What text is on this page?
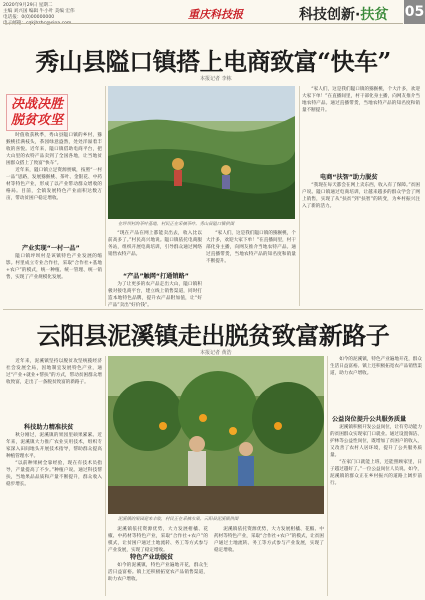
2020年9月29日 星期二
主编 刘兴国 编辑 牛小叶 美编 宏伟
电话报：0(0)00000000	重庆科技报	科技创新·扶贫 05
秀山县隘口镇搭上电商致富“快车”
本报记者 李栋
决战决胜
脱贫攻坚

时值收获秋季，秀山县隘口镇的乡村，猕猴桃挂满枝头，茶园绿意盎然，处处洋溢着丰收的喜悦。近年来，隘口镇借助电商平台，把大山里的农特产品卖到了全国各地，让当地贫困群众搭上了致富“快车”。

近年来，隘口镇立足资源禀赋，按照“一村一品”思路，发展猕猴桃、茶叶、金银花、中药材等特色产业，形成了以产业带动群众增收的格局。目前，全镇发展特色产业面积达数万亩，带动贫困户稳定增收。

产业实现“一村一品”

隘口镇坪坝村是该镇特色产业发展的缩影。村里成立专业合作社，采取“合作社+基地+农户”的模式，统一种植、统一管理、统一销售，实现了产业规模化发展。

在坪坝村的茶叶基地，村民正在采摘茶叶。秀山县隘口镇供图

“现在产品在网上都能卖出去，收入比以前高多了。”村民高兴地说。隘口镇依托电商服务站，组织开展电商培训，引导群众通过网络销售农特产品。

“产品”触网“打通销路”

为了让更多的农产品走出大山，隘口镇积极对接电商平台，建立线上销售渠道，同时打造本地特色品牌，提升农产品附加值，让“好产品”卖出“好价钱”。

“家人们，这是我们隘口镇的猕猴桃，个大汁多，欢迎大家下单！”在直播间里，村干部化身主播，向网友推介当地农特产品。通过直播带货，当地农特产品的知名度和销量不断提升。

“家人们，这是我们隘口镇的猕猴桃，个大汁多，欢迎大家下单！”在直播间里，村干部化身主播，向网友推介当地农特产品。通过直播带货，当地农特产品的知名度和销量不断提升。

电商“扶智”助力脱贫

“我现在每天都会在网上卖东西，收入有了保障。”贫困户说。隘口镇通过电商培训，让越来越多的群众学会了网上销售，实现了从“扶贫”到“扶智”的转变，为乡村振兴注入了新的活力。

云阳县泥溪镇走出脱贫致富新路子
本报记者 黄浩

近年来，泥溪镇坚持以脱贫攻坚统揽经济社会发展全局，因地制宜发展特色产业，通过“产业+就业+帮扶”的方式，带动贫困群众增收致富，走出了一条脱贫致富的新路子。

科技助力精准扶贫

秋分刚过，泥溪镇的果园里硕果累累。近年来，泥溪镇大力推广农业实用技术，组织专家深入田间地头开展技术指导，帮助群众提高种植管理水平。

“以前种果树全靠经验，现在有技术员指导，产量提高了不少。”种植户说。通过科技帮扶，当地果品品质和产量不断提升，群众收入稳步增长。

泥溪镇的果园迎来丰收，村民正在采摘水果。云阳县泥溪镇供图

泥溪镇依托资源优势，大力发展柑橘、花椒、中药材等特色产业，采取“合作社+农户”的模式，让贫困户通过土地流转、务工等方式参与产业发展，实现了稳定增收。

特色产业助脱贫

如今的泥溪镇，特色产业遍地开花，群众生活日益富裕。镇上还积极拓宽农产品销售渠道，助力农户增收。

泥溪镇依托资源优势，大力发展柑橘、花椒、中药材等特色产业，采取“合作社+农户”的模式，让贫困户通过土地流转、务工等方式参与产业发展，实现了稳定增收。

如今的泥溪镇，特色产业遍地开花，群众生活日益富裕。镇上还积极拓宽农产品销售渠道，助力农户增收。

公益岗位提升公共服务质量

泥溪镇积极开发公益岗位，让有劳动能力的贫困群众实现家门口就业。通过设置保洁、护林等公益性岗位，既增加了贫困户的收入，又改善了农村人居环境，提升了公共服务质量。

“在家门口就能上班，还能照顾家里，日子越过越好了。”一位公益岗位人员说。如今，泥溪镇的群众正在乡村振兴的道路上阔步前行。
